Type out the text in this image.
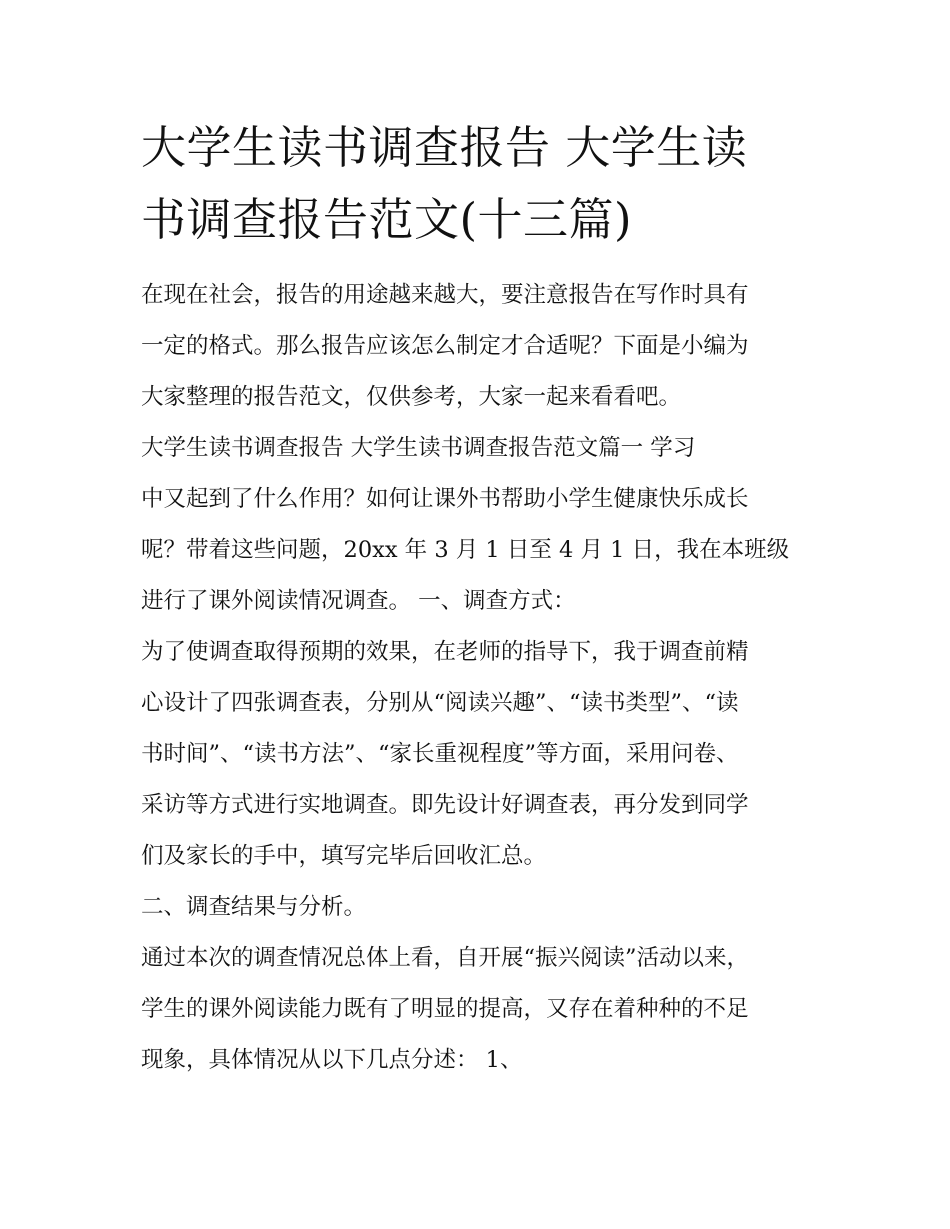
大学生读书调查报告 大学生读
书调查报告范文(十三篇)

在现在社会，报告的用途越来越大，要注意报告在写作时具有
一定的格式。那么报告应该怎么制定才合适呢？下面是小编为
大家整理的报告范文，仅供参考，大家一起来看看吧。

大学生读书调查报告 大学生读书调查报告范文篇一 学习
中又起到了什么作用？如何让课外书帮助小学生健康快乐成长
呢？带着这些问题，20xx 年 3 月 1 日至 4 月 1 日，我在本班级
进行了课外阅读情况调查。 一、调查方式：

为了使调查取得预期的效果，在老师的指导下，我于调查前精
心设计了四张调查表，分别从“阅读兴趣”、“读书类型”、“读
书时间”、“读书方法”、“家长重视程度”等方面，采用问卷、
采访等方式进行实地调查。即先设计好调查表，再分发到同学
们及家长的手中，填写完毕后回收汇总。

二、调查结果与分析。

通过本次的调查情况总体上看，自开展“振兴阅读”活动以来，
学生的课外阅读能力既有了明显的提高，又存在着种种的不足
现象，具体情况从以下几点分述： 1、
